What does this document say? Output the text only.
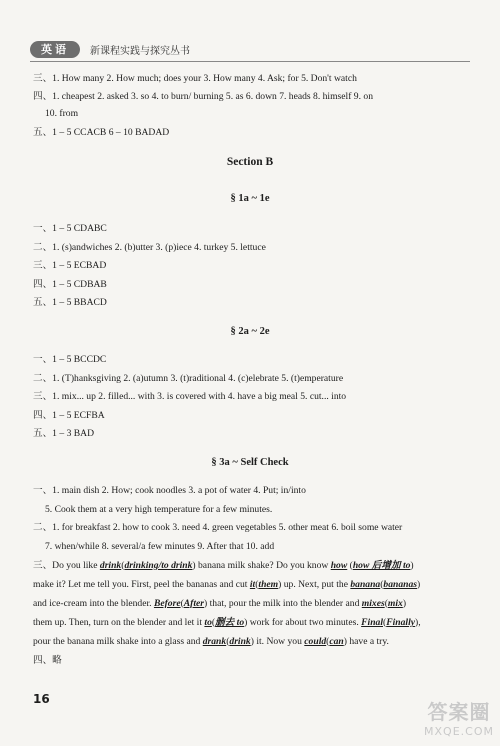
英语	新课程实践与探究丛书
三、1. How many 2. How much; does your 3. How many 4. Ask; for 5. Don't watch
四、1. cheapest 2. asked 3. so 4. to burn/ burning 5. as 6. down 7. heads 8. himself 9. on
10. from
五、1 – 5 CCACB 6 – 10 BADAD
Section B
§ 1a ~ 1e
一、1 – 5 CDABC
二、1. (s)andwiches 2. (b)utter 3. (p)iece 4. turkey 5. lettuce
三、1 – 5 ECBAD
四、1 – 5 CDBAB
五、1 – 5 BBACD
§ 2a ~ 2e
一、1 – 5 BCCDC
二、1. (T)hanksgiving 2. (a)utumn 3. (t)raditional 4. (c)elebrate 5. (t)emperature
三、1. mix... up 2. filled... with 3. is covered with 4. have a big meal 5. cut... into
四、1 – 5 ECFBA
五、1 – 3 BAD
§ 3a ~ Self Check
一、1. main dish 2. How; cook noodles 3. a pot of water 4. Put; in/into
5. Cook them at a very high temperature for a few minutes.
二、1. for breakfast 2. how to cook 3. need 4. green vegetables 5. other meat 6. boil some water
7. when/while 8. several/a few minutes 9. After that 10. add
三、Do you like drink(drinking/to drink) banana milk shake? Do you know how (how 后增加 to)
make it? Let me tell you. First, peel the bananas and cut it(them) up. Next, put the banana(bananas)
and ice-cream into the blender. Before(After) that, pour the milk into the blender and mixes(mix)
them up. Then, turn on the blender and let it to(删去 to) work for about two minutes. Final(Finally),
pour the banana milk shake into a glass and drank(drink) it. Now you could(can) have a try.
四、略
16
答案圈
MXQE.COM
